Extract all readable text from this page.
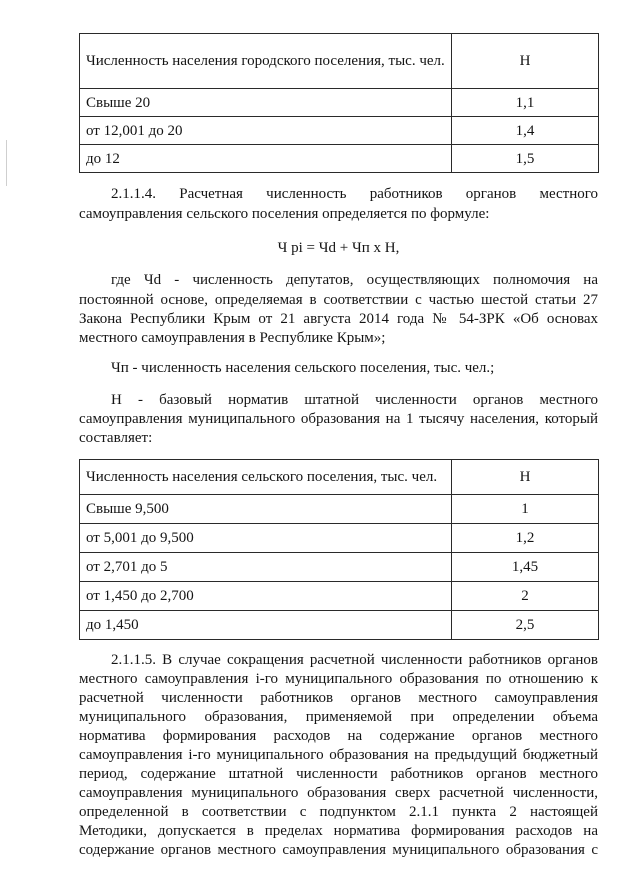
Численность населения городского поселения, тыс. чел.	Н
Свыше 20	1,1
от 12,001 до 20	1,4
до 12	1,5
2.1.1.4. Расчетная численность работников органов местного
самоуправления сельского поселения определяется по формуле:
Ч рi = Чd + Чп х Н,
где Чd - численность депутатов, осуществляющих полномочия на
постоянной основе, определяемая в соответствии с частью шестой статьи 27
Закона Республики Крым от 21 августа 2014 года № 54-ЗРК «Об основах
местного самоуправления в Республике Крым»;
Чп - численность населения сельского поселения, тыс. чел.;
Н - базовый норматив штатной численности органов местного
самоуправления муниципального образования на 1 тысячу населения, который
составляет:
Численность населения сельского поселения, тыс. чел.	Н
Свыше 9,500	1
от 5,001 до 9,500	1,2
от 2,701 до 5	1,45
от 1,450 до 2,700	2
до 1,450	2,5
2.1.1.5. В случае сокращения расчетной численности работников органов
местного самоуправления i-го муниципального образования по отношению к
расчетной численности работников органов местного самоуправления
муниципального образования, применяемой при определении объема
норматива формирования расходов на содержание органов местного
самоуправления i-го муниципального образования на предыдущий бюджетный
период, содержание штатной численности работников органов местного
самоуправления муниципального образования сверх расчетной численности,
определенной в соответствии с подпунктом 2.1.1 пункта 2 настоящей
Методики, допускается в пределах норматива формирования расходов на
содержание органов местного самоуправления муниципального образования с
